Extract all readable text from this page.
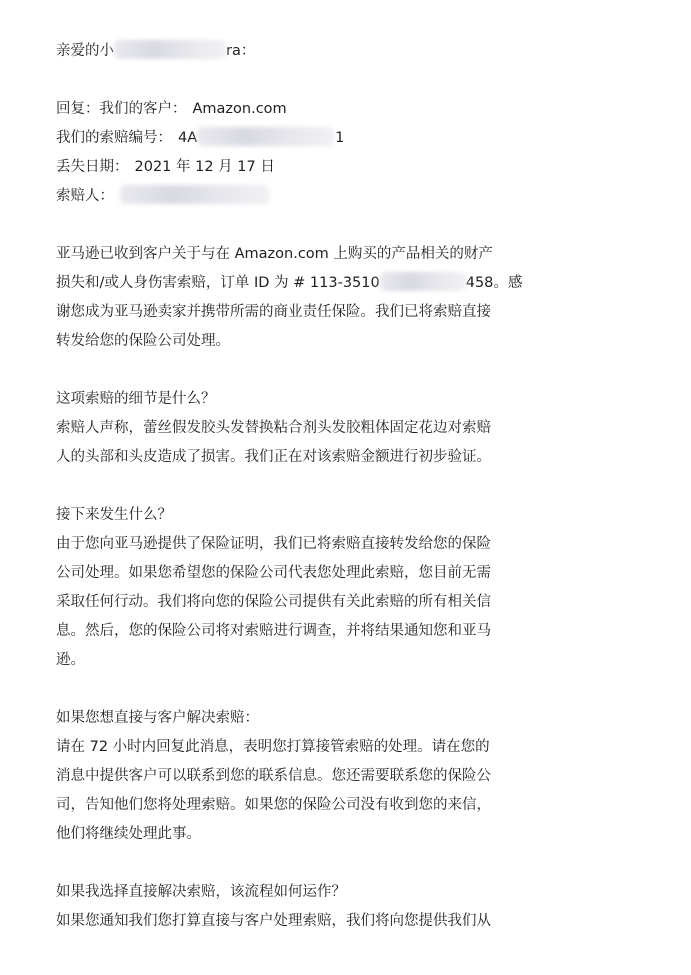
亲爱的小	ra：
回复：我们的客户： Amazon.com
我们的索赔编号： 4A	1
丢失日期： 2021 年 12 月 17 日
索赔人：
亚马逊已收到客户关于与在 Amazon.com 上购买的产品相关的财产
损失和/或人身伤害索赔，订单 ID 为 # 113-3510	458。感
谢您成为亚马逊卖家并携带所需的商业责任保险。我们已将索赔直接
转发给您的保险公司处理。
这项索赔的细节是什么？
索赔人声称，蕾丝假发胶头发替换粘合剂头发胶粗体固定花边对索赔
人的头部和头皮造成了损害。我们正在对该索赔金额进行初步验证。
接下来发生什么？
由于您向亚马逊提供了保险证明，我们已将索赔直接转发给您的保险
公司处理。如果您希望您的保险公司代表您处理此索赔，您目前无需
采取任何行动。我们将向您的保险公司提供有关此索赔的所有相关信
息。然后，您的保险公司将对索赔进行调查，并将结果通知您和亚马
逊。
如果您想直接与客户解决索赔：
请在 72 小时内回复此消息，表明您打算接管索赔的处理。请在您的
消息中提供客户可以联系到您的联系信息。您还需要联系您的保险公
司，告知他们您将处理索赔。如果您的保险公司没有收到您的来信，
他们将继续处理此事。
如果我选择直接解决索赔，该流程如何运作？
如果您通知我们您打算直接与客户处理索赔，我们将向您提供我们从
